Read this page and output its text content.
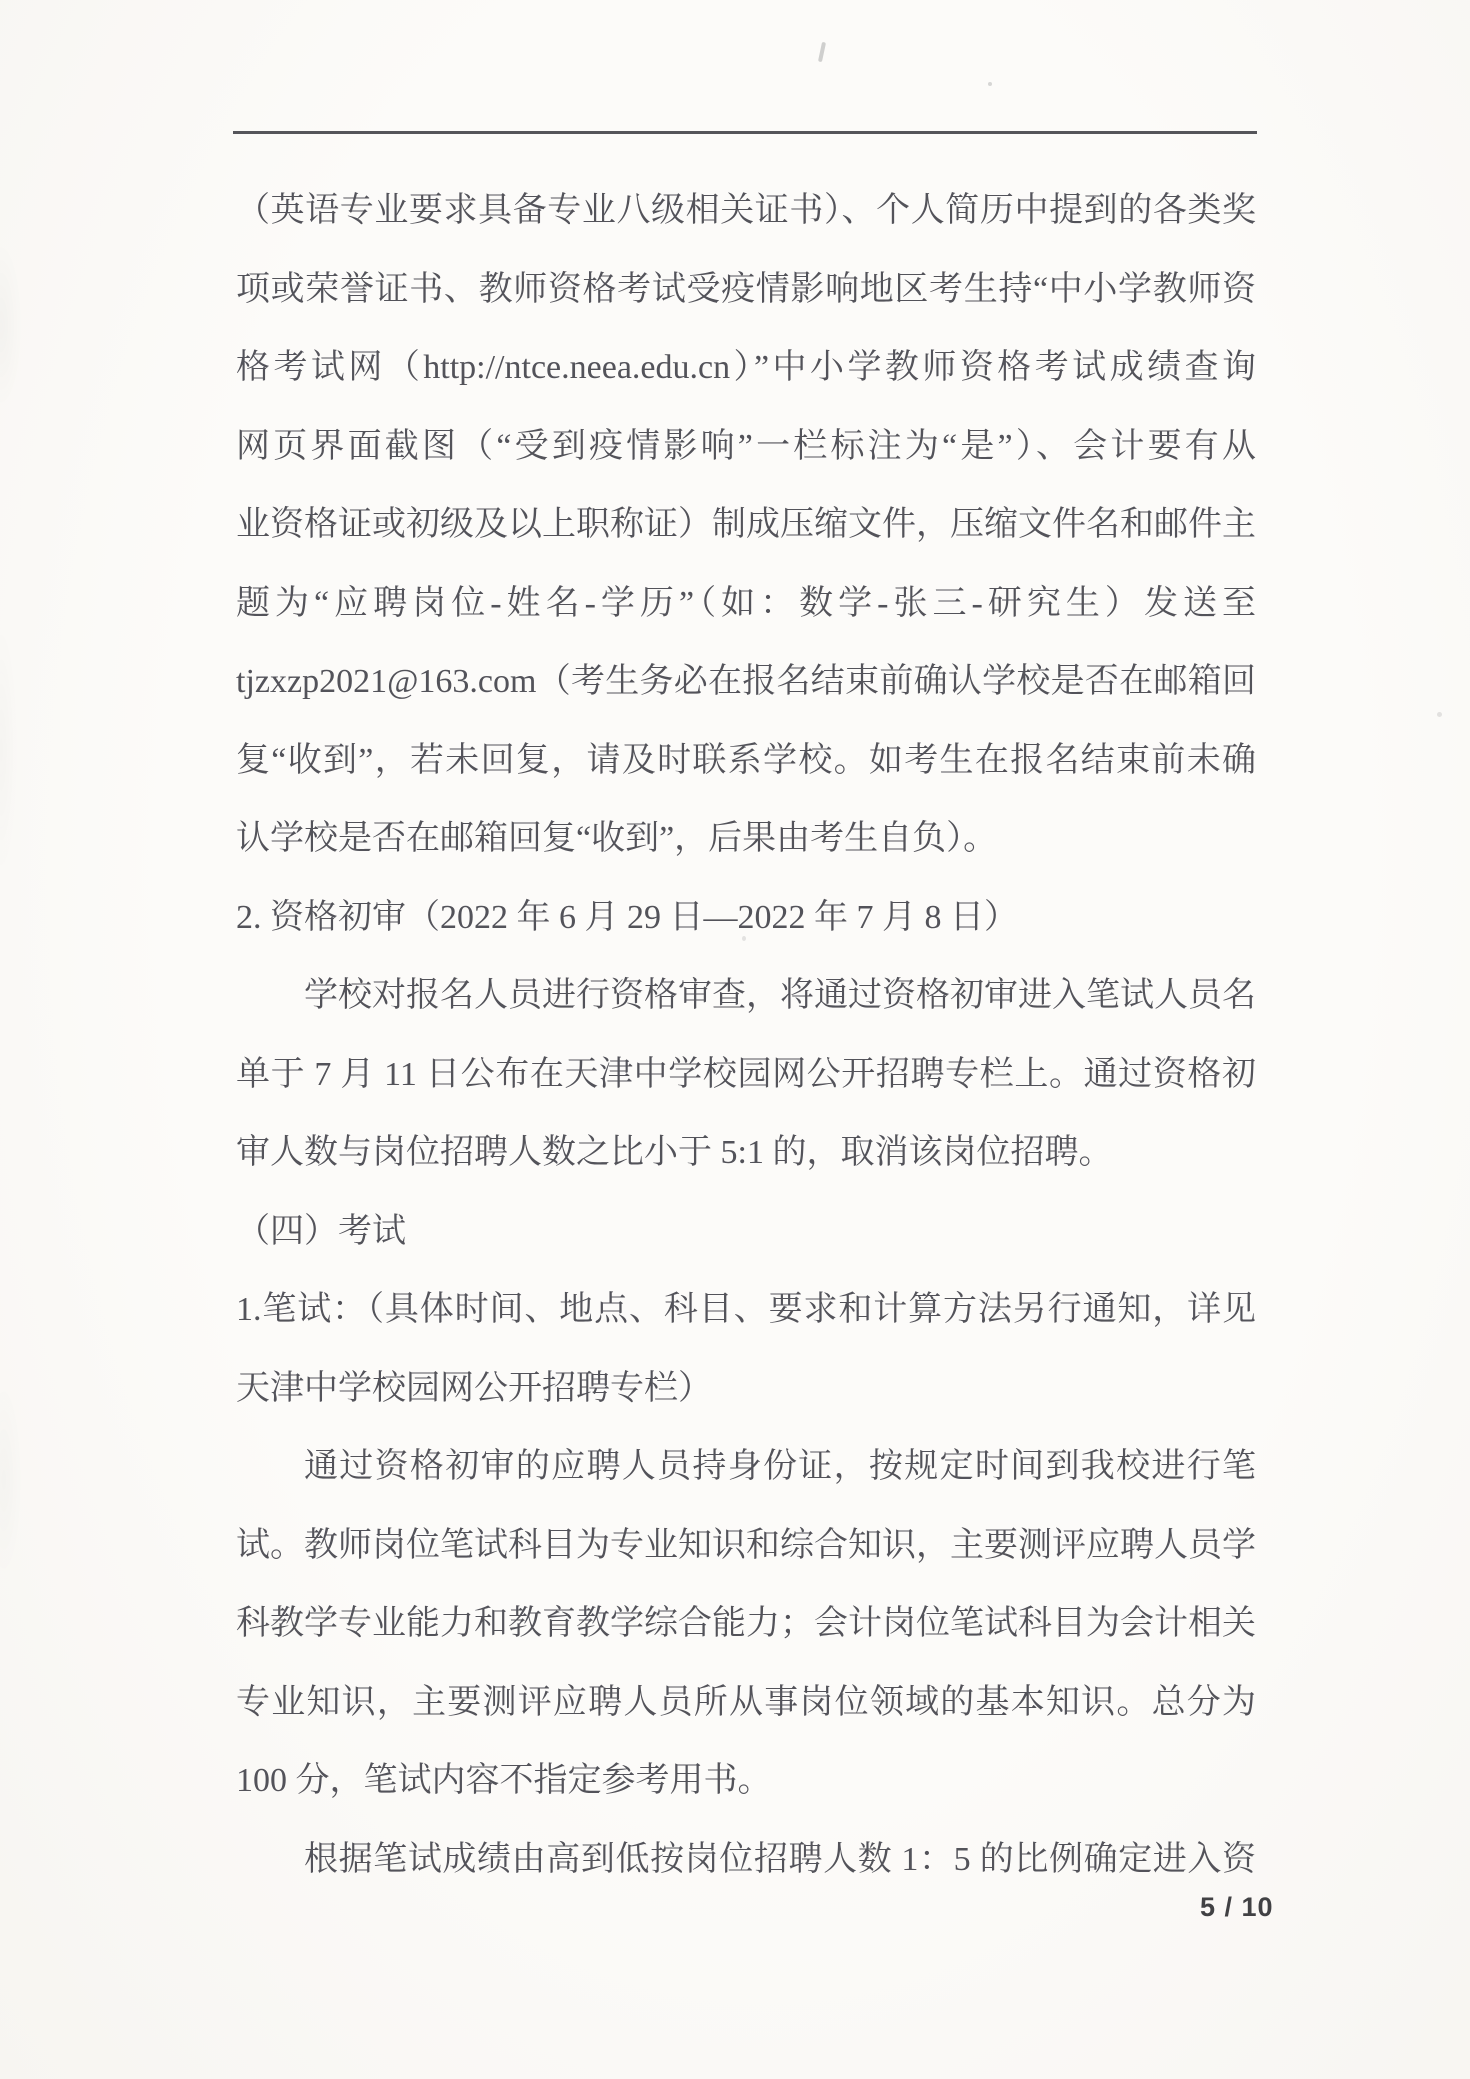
（英语专业要求具备专业八级相关证书）、个人简历中提到的各类奖
项或荣誉证书、教师资格考试受疫情影响地区考生持“中小学教师资
格考试网（http://ntce.neea.edu.cn）”中小学教师资格考试成绩查询
网页界面截图（“受到疫情影响”一栏标注为“是”）、会计要有从
业资格证或初级及以上职称证）制成压缩文件，压缩文件名和邮件主
题为“应聘岗位-姓名-学历”（如：数学-张三-研究生）发送至
tjzxzp2021@163.com（考生务必在报名结束前确认学校是否在邮箱回
复“收到”，若未回复，请及时联系学校。如考生在报名结束前未确
认学校是否在邮箱回复“收到”，后果由考生自负）。
2. 资格初审（2022 年 6 月 29 日—2022 年 7 月 8 日）
学校对报名人员进行资格审查，将通过资格初审进入笔试人员名
单于 7 月 11 日公布在天津中学校园网公开招聘专栏上。通过资格初
审人数与岗位招聘人数之比小于 5:1 的，取消该岗位招聘。
（四）考试
1.笔试：（具体时间、地点、科目、要求和计算方法另行通知，详见
天津中学校园网公开招聘专栏）
通过资格初审的应聘人员持身份证，按规定时间到我校进行笔
试。教师岗位笔试科目为专业知识和综合知识，主要测评应聘人员学
科教学专业能力和教育教学综合能力；会计岗位笔试科目为会计相关
专业知识，主要测评应聘人员所从事岗位领域的基本知识。总分为
100 分，笔试内容不指定参考用书。
根据笔试成绩由高到低按岗位招聘人数 1：5 的比例确定进入资
5 / 10
